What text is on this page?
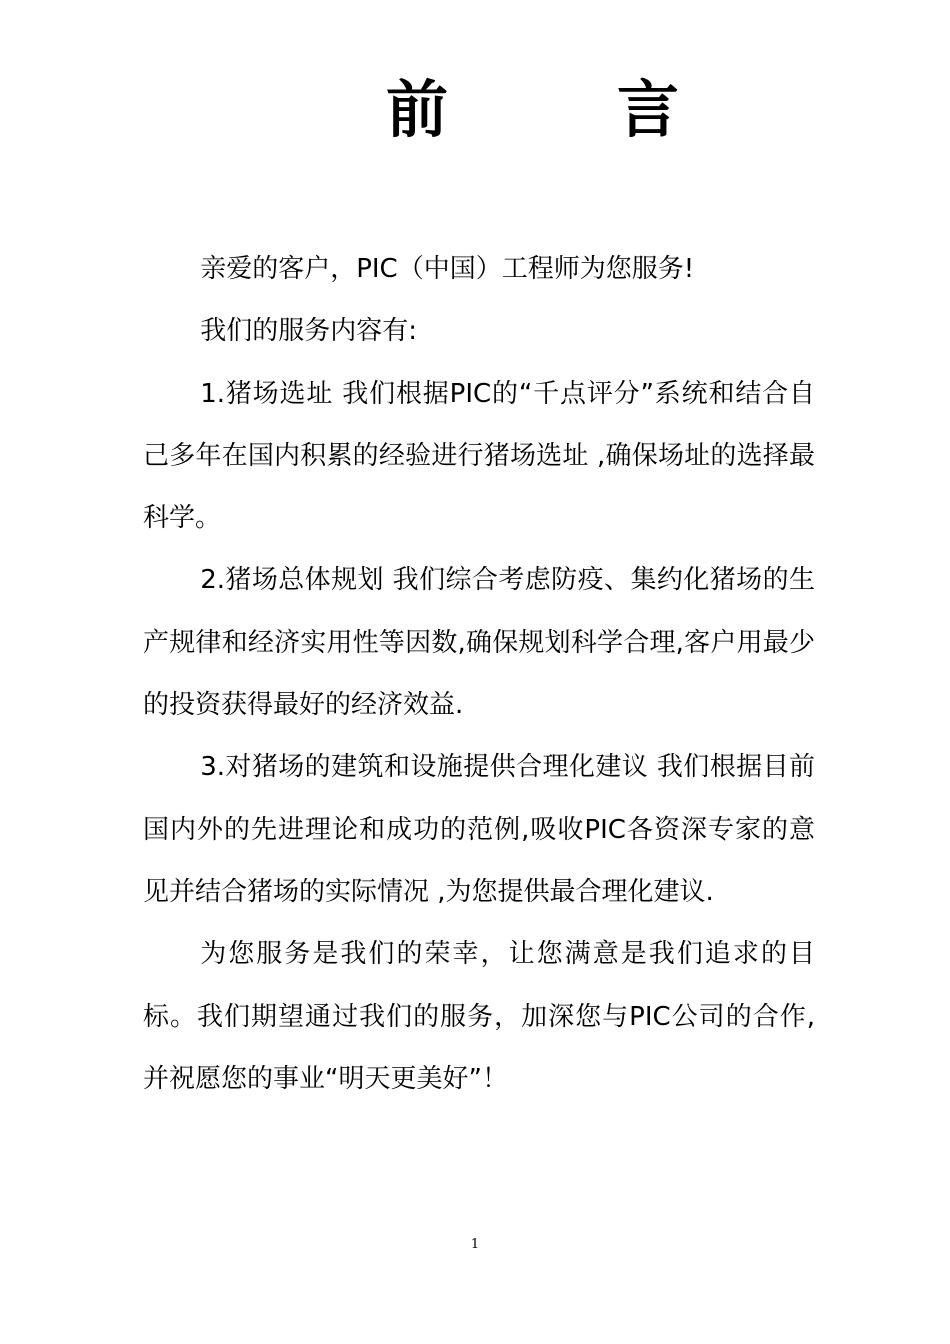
前	言

亲爱的客户，PIC（中国）工程师为您服务!

我们的服务内容有:

1.猪场选址 我们根据PIC的“千点评分”系统和结合自己多年在国内积累的经验进行猪场选址 ,确保场址的选择最科学。

2.猪场总体规划 我们综合考虑防疫、集约化猪场的生产规律和经济实用性等因数,确保规划科学合理,客户用最少的投资获得最好的经济效益.

3.对猪场的建筑和设施提供合理化建议 我们根据目前国内外的先进理论和成功的范例,吸收PIC各资深专家的意见并结合猪场的实际情况 ,为您提供最合理化建议.

为您服务是我们的荣幸，让您满意是我们追求的目标。我们期望通过我们的服务，加深您与PIC公司的合作,并祝愿您的事业“明天更美好”！

1
